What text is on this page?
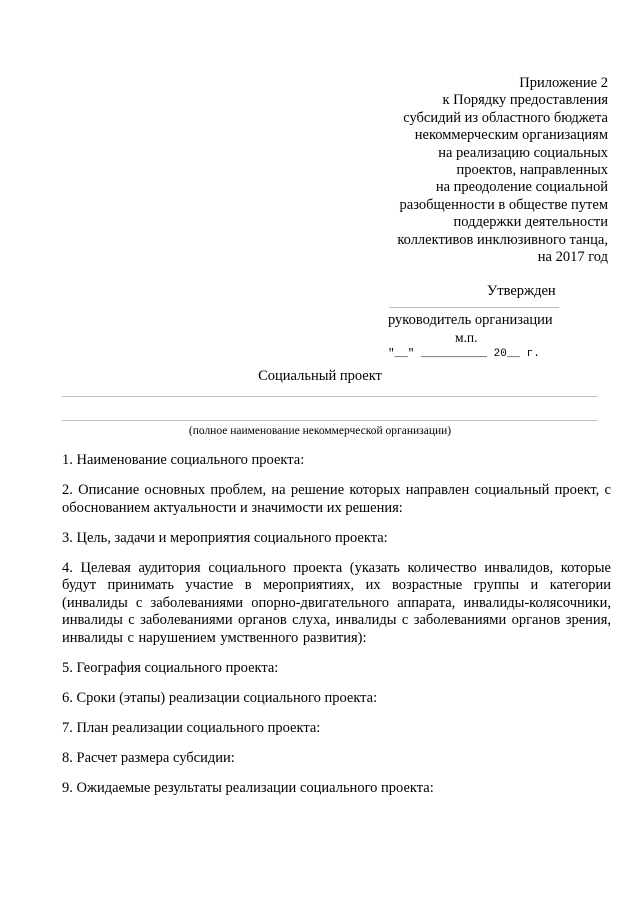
Приложение 2
к Порядку предоставления
субсидий из областного бюджета
некоммерческим организациям
на реализацию социальных
проектов, направленных
на преодоление социальной
разобщенности в обществе путем
поддержки деятельности
коллективов инклюзивного танца,
на 2017 год
Утвержден
руководитель организации
м.п.
"__" __________ 20__ г.
Социальный проект
(полное наименование некоммерческой организации)
1. Наименование социального проекта:
2. Описание основных проблем, на решение которых направлен социальный проект, с обоснованием актуальности и значимости их решения:
3. Цель, задачи и мероприятия социального проекта:
4. Целевая аудитория социального проекта (указать количество инвалидов, которые будут принимать участие в мероприятиях, их возрастные группы и категории (инвалиды с заболеваниями опорно-двигательного аппарата, инвалиды-колясочники, инвалиды с заболеваниями органов слуха, инвалиды с заболеваниями органов зрения, инвалиды с нарушением умственного развития):
5. География социального проекта:
6. Сроки (этапы) реализации социального проекта:
7. План реализации социального проекта:
8. Расчет размера субсидии:
9. Ожидаемые результаты реализации социального проекта:
